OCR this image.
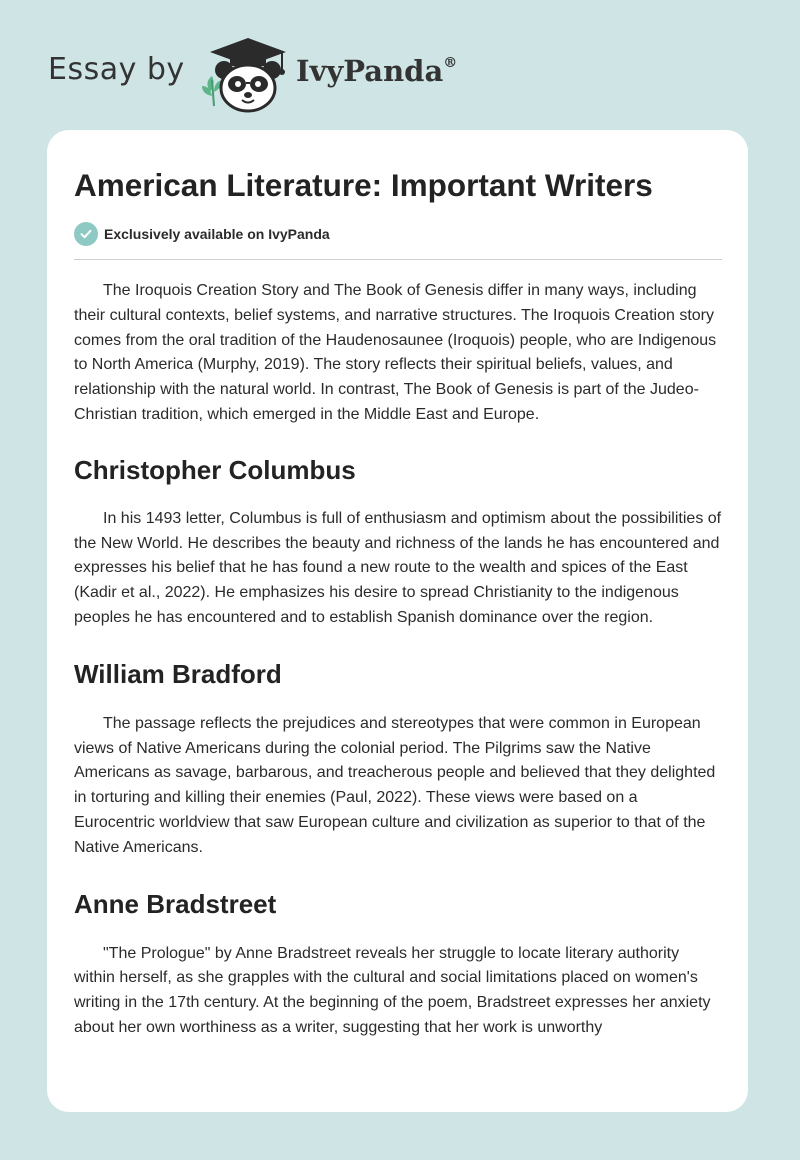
Essay by	IvyPanda®
American Literature: Important Writers
Exclusively available on IvyPanda

The Iroquois Creation Story and The Book of Genesis differ in many ways, including their cultural contexts, belief systems, and narrative structures. The Iroquois Creation story comes from the oral tradition of the Haudenosaunee (Iroquois) people, who are Indigenous to North America (Murphy, 2019). The story reflects their spiritual beliefs, values, and relationship with the natural world. In contrast, The Book of Genesis is part of the Judeo-Christian tradition, which emerged in the Middle East and Europe.

Christopher Columbus

In his 1493 letter, Columbus is full of enthusiasm and optimism about the possibilities of the New World. He describes the beauty and richness of the lands he has encountered and expresses his belief that he has found a new route to the wealth and spices of the East (Kadir et al., 2022). He emphasizes his desire to spread Christianity to the indigenous peoples he has encountered and to establish Spanish dominance over the region.

William Bradford

The passage reflects the prejudices and stereotypes that were common in European views of Native Americans during the colonial period. The Pilgrims saw the Native Americans as savage, barbarous, and treacherous people and believed that they delighted in torturing and killing their enemies (Paul, 2022). These views were based on a Eurocentric worldview that saw European culture and civilization as superior to that of the Native Americans.

Anne Bradstreet

"The Prologue" by Anne Bradstreet reveals her struggle to locate literary authority within herself, as she grapples with the cultural and social limitations placed on women's writing in the 17th century. At the beginning of the poem, Bradstreet expresses her anxiety about her own worthiness as a writer, suggesting that her work is unworthy
